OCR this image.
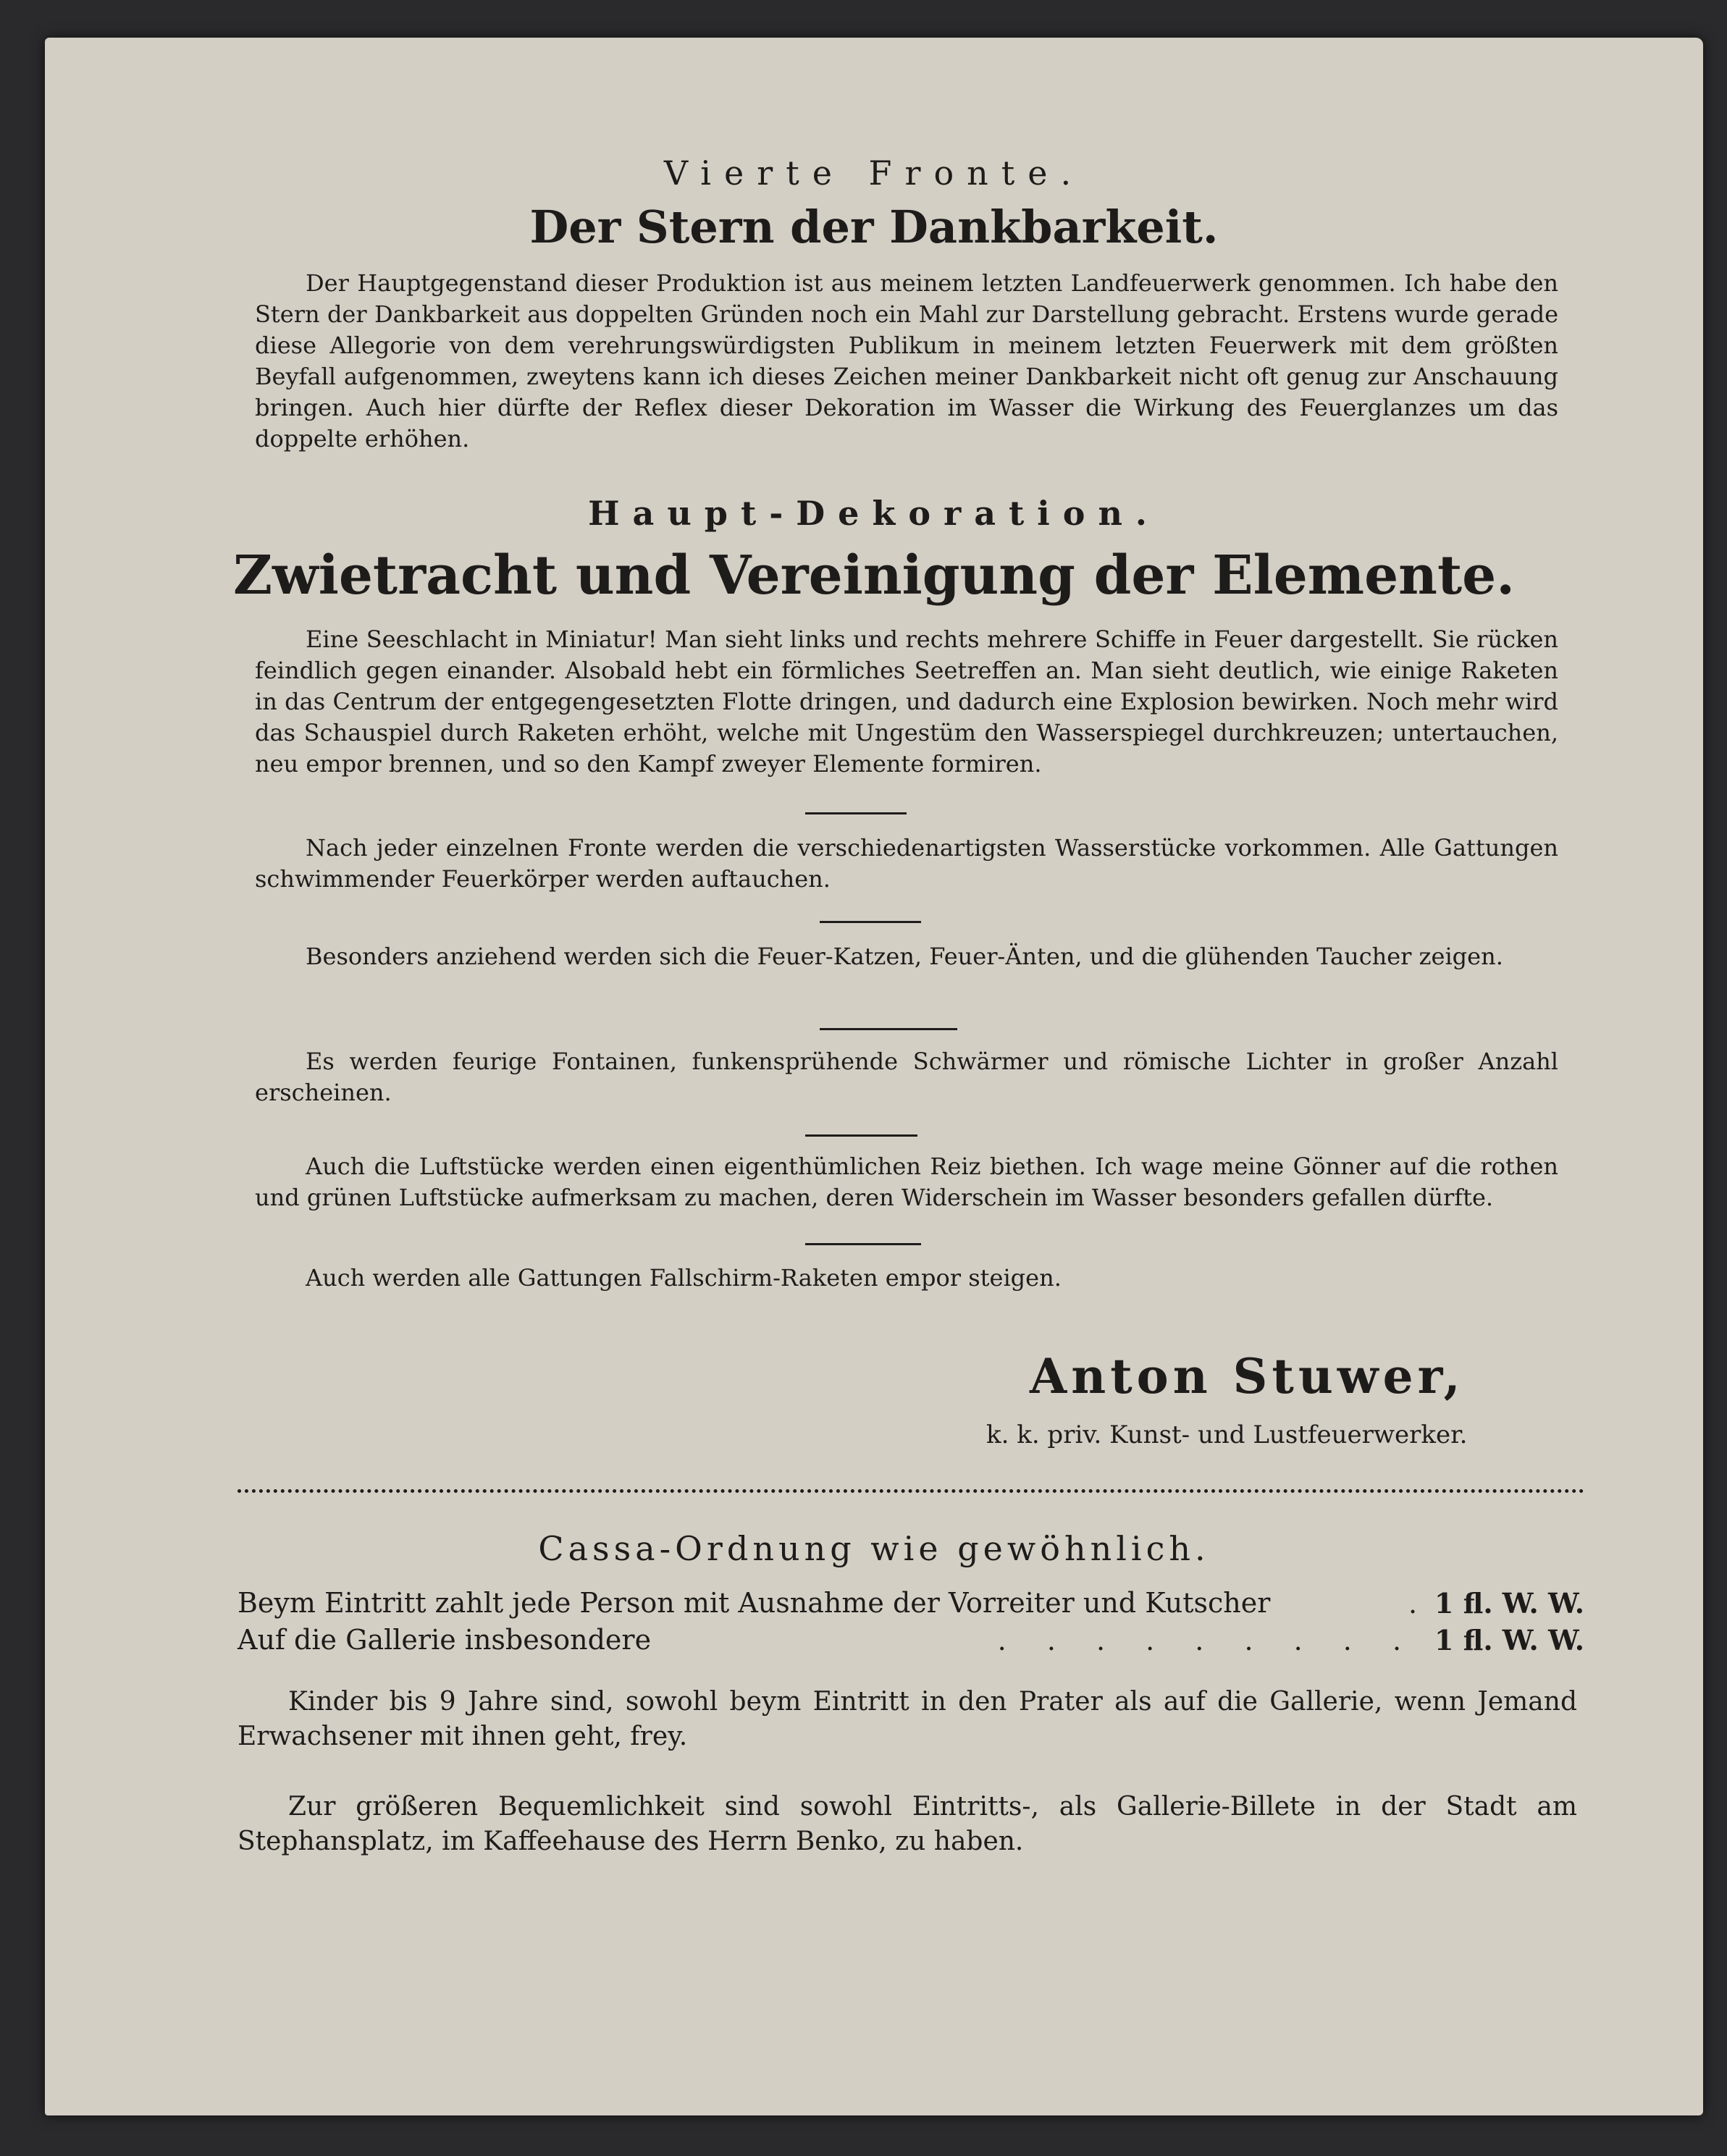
Vierte Fronte.
Der Stern der Dankbarkeit.

Der Hauptgegenstand dieser Produktion ist aus meinem letzten Landfeuerwerk genommen. Ich habe den Stern der Dankbarkeit aus doppelten Gründen noch ein Mahl zur Darstellung gebracht. Erstens wurde gerade diese Allegorie von dem verehrungswürdigsten Publikum in meinem letzten Feuerwerk mit dem größten Beyfall aufgenommen, zweytens kann ich dieses Zeichen meiner Dankbarkeit nicht oft genug zur Anschauung bringen. Auch hier dürfte der Reflex dieser Dekoration im Wasser die Wirkung des Feuerglanzes um das doppelte erhöhen.

Haupt-Dekoration.
Zwietracht und Vereinigung der Elemente.

Eine Seeschlacht in Miniatur! Man sieht links und rechts mehrere Schiffe in Feuer dargestellt. Sie rücken feindlich gegen einander. Alsobald hebt ein förmliches Seetreffen an. Man sieht deutlich, wie einige Raketen in das Centrum der entgegengesetzten Flotte dringen, und dadurch eine Explosion bewirken. Noch mehr wird das Schauspiel durch Raketen erhöht, welche mit Ungestüm den Wasserspiegel durchkreuzen; untertauchen, neu empor brennen, und so den Kampf zweyer Elemente formiren.

Nach jeder einzelnen Fronte werden die verschiedenartigsten Wasserstücke vorkommen. Alle Gattungen schwimmender Feuerkörper werden auftauchen.

Besonders anziehend werden sich die Feuer-Katzen, Feuer-Änten, und die glühenden Taucher zeigen.

Es werden feurige Fontainen, funkensprühende Schwärmer und römische Lichter in großer Anzahl erscheinen.

Auch die Luftstücke werden einen eigenthümlichen Reiz biethen. Ich wage meine Gönner auf die rothen und grünen Luftstücke aufmerksam zu machen, deren Widerschein im Wasser besonders gefallen dürfte.

Auch werden alle Gattungen Fallschirm-Raketen empor steigen.

Anton Stuwer,
k. k. priv. Kunst- und Lustfeuerwerker.
Cassa-Ordnung wie gewöhnlich.
Beym Eintritt zahlt jede Person mit Ausnahme der Vorreiter und Kutscher	. 1 fl. W. W.
Auf die Gallerie insbesondere	. . . . . . . . . 1 fl. W. W.

Kinder bis 9 Jahre sind, sowohl beym Eintritt in den Prater als auf die Gallerie, wenn Jemand Erwachsener mit ihnen geht, frey.

Zur größeren Bequemlichkeit sind sowohl Eintritts-, als Gallerie-Billete in der Stadt am Stephansplatz, im Kaffeehause des Herrn Benko, zu haben.
